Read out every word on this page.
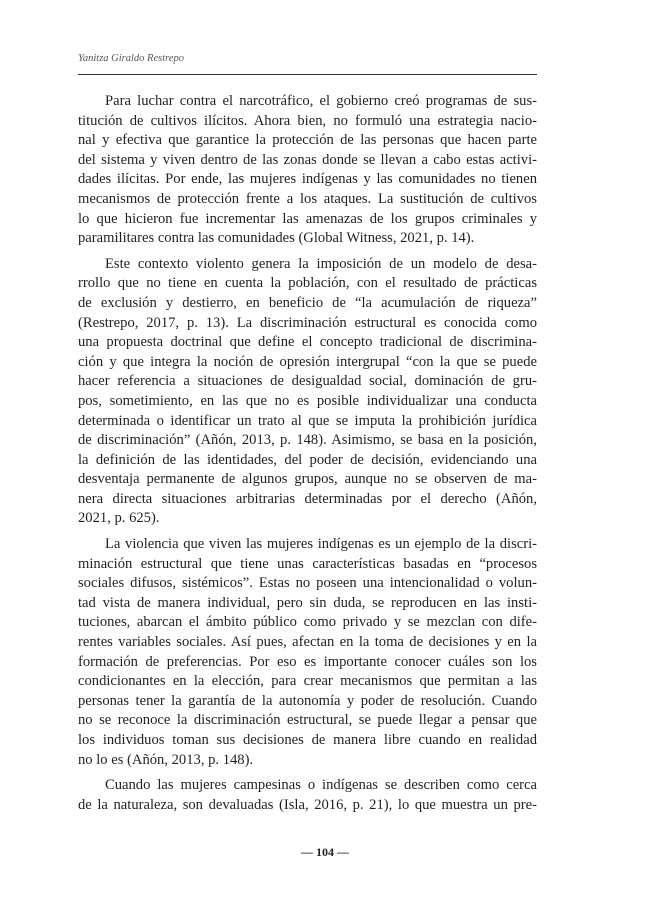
Yanitza Giraldo Restrepo
Para luchar contra el narcotráfico, el gobierno creó programas de sus-
titución de cultivos ilícitos. Ahora bien, no formuló una estrategia nacio-
nal y efectiva que garantice la protección de las personas que hacen parte
del sistema y viven dentro de las zonas donde se llevan a cabo estas activi-
dades ilícitas. Por ende, las mujeres indígenas y las comunidades no tienen
mecanismos de protección frente a los ataques. La sustitución de cultivos
lo que hicieron fue incrementar las amenazas de los grupos criminales y
paramilitares contra las comunidades (Global Witness, 2021, p. 14).
Este contexto violento genera la imposición de un modelo de desa-
rrollo que no tiene en cuenta la población, con el resultado de prácticas
de exclusión y destierro, en beneficio de “la acumulación de riqueza”
(Restrepo, 2017, p. 13). La discriminación estructural es conocida como
una propuesta doctrinal que define el concepto tradicional de discrimina-
ción y que integra la noción de opresión intergrupal “con la que se puede
hacer referencia a situaciones de desigualdad social, dominación de gru-
pos, sometimiento, en las que no es posible individualizar una conducta
determinada o identificar un trato al que se imputa la prohibición jurídica
de discriminación” (Añón, 2013, p. 148). Asimismo, se basa en la posición,
la definición de las identidades, del poder de decisión, evidenciando una
desventaja permanente de algunos grupos, aunque no se observen de ma-
nera directa situaciones arbitrarias determinadas por el derecho (Añón,
2021, p. 625).
La violencia que viven las mujeres indígenas es un ejemplo de la discri-
minación estructural que tiene unas características basadas en “procesos
sociales difusos, sistémicos”. Estas no poseen una intencionalidad o volun-
tad vista de manera individual, pero sin duda, se reproducen en las insti-
tuciones, abarcan el ámbito público como privado y se mezclan con dife-
rentes variables sociales. Así pues, afectan en la toma de decisiones y en la
formación de preferencias. Por eso es importante conocer cuáles son los
condicionantes en la elección, para crear mecanismos que permitan a las
personas tener la garantía de la autonomía y poder de resolución. Cuando
no se reconoce la discriminación estructural, se puede llegar a pensar que
los individuos toman sus decisiones de manera libre cuando en realidad
no lo es (Añón, 2013, p. 148).
Cuando las mujeres campesinas o indígenas se describen como cerca
de la naturaleza, son devaluadas (Isla, 2016, p. 21), lo que muestra un pre-
— 104 —
